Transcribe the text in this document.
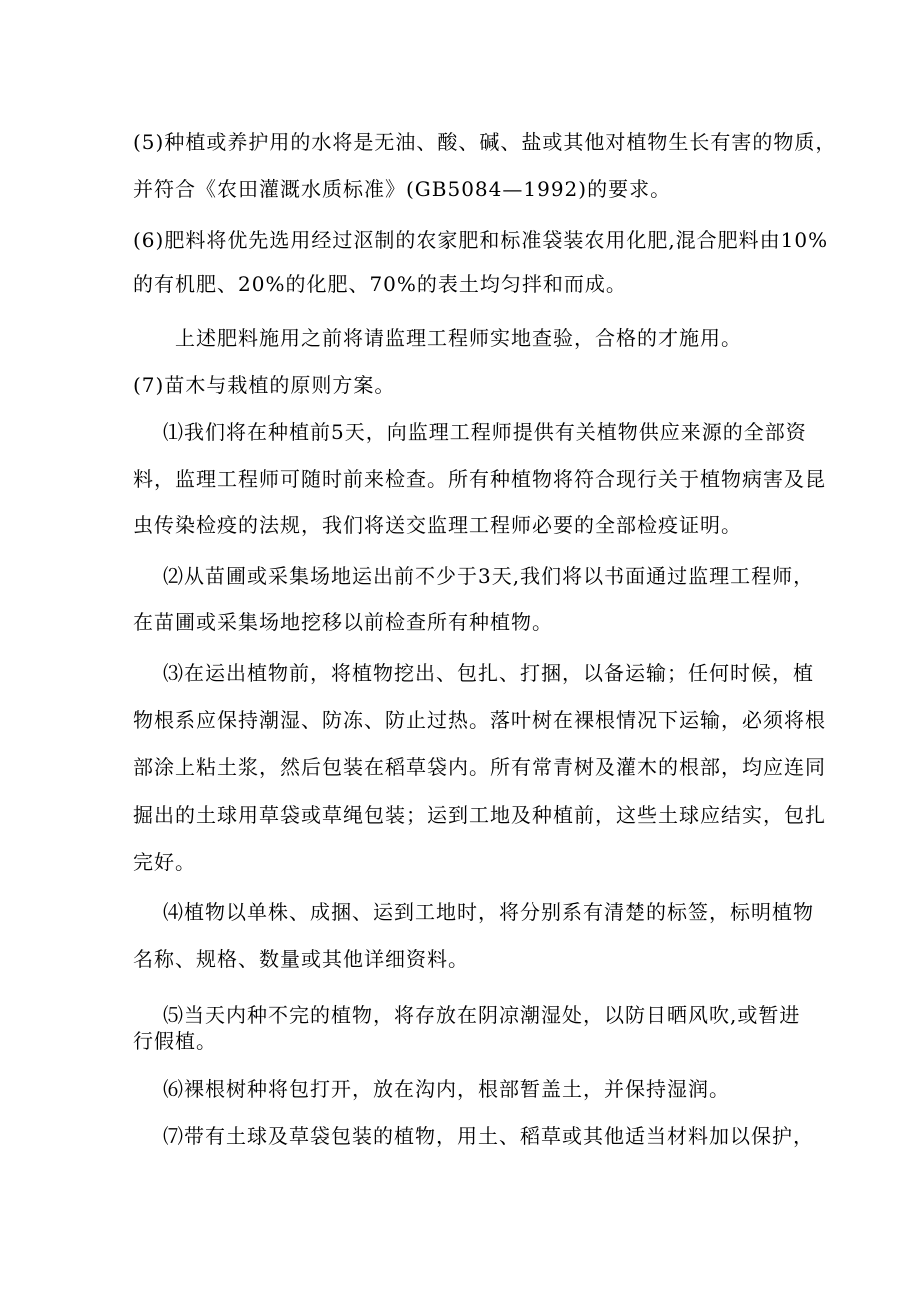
(5)种植或养护用的水将是无油、酸、碱、盐或其他对植物生长有害的物质，
并符合《农田灌溉水质标准》(GB5084—1992)的要求。
(6)肥料将优先选用经过沤制的农家肥和标准袋装农用化肥,混合肥料由10%
的有机肥、20%的化肥、70%的表土均匀拌和而成。
上述肥料施用之前将请监理工程师实地查验，合格的才施用。
(7)苗木与栽植的原则方案。
⑴我们将在种植前5天，向监理工程师提供有关植物供应来源的全部资
料，监理工程师可随时前来检查。所有种植物将符合现行关于植物病害及昆
虫传染检疫的法规，我们将送交监理工程师必要的全部检疫证明。
⑵从苗圃或采集场地运出前不少于3天,我们将以书面通过监理工程师，
在苗圃或采集场地挖移以前检查所有种植物。
⑶在运出植物前，将植物挖出、包扎、打捆，以备运输；任何时候，植
物根系应保持潮湿、防冻、防止过热。落叶树在裸根情况下运输，必须将根
部涂上粘土浆，然后包装在稻草袋内。所有常青树及灌木的根部，均应连同
掘出的土球用草袋或草绳包装；运到工地及种植前，这些土球应结实，包扎
完好。
⑷植物以单株、成捆、运到工地时，将分别系有清楚的标签，标明植物
名称、规格、数量或其他详细资料。
⑸当天内种不完的植物，将存放在阴凉潮湿处，以防日晒风吹,或暂进
行假植。
⑹裸根树种将包打开，放在沟内，根部暂盖土，并保持湿润。
⑺带有土球及草袋包装的植物，用土、稻草或其他适当材料加以保护，
